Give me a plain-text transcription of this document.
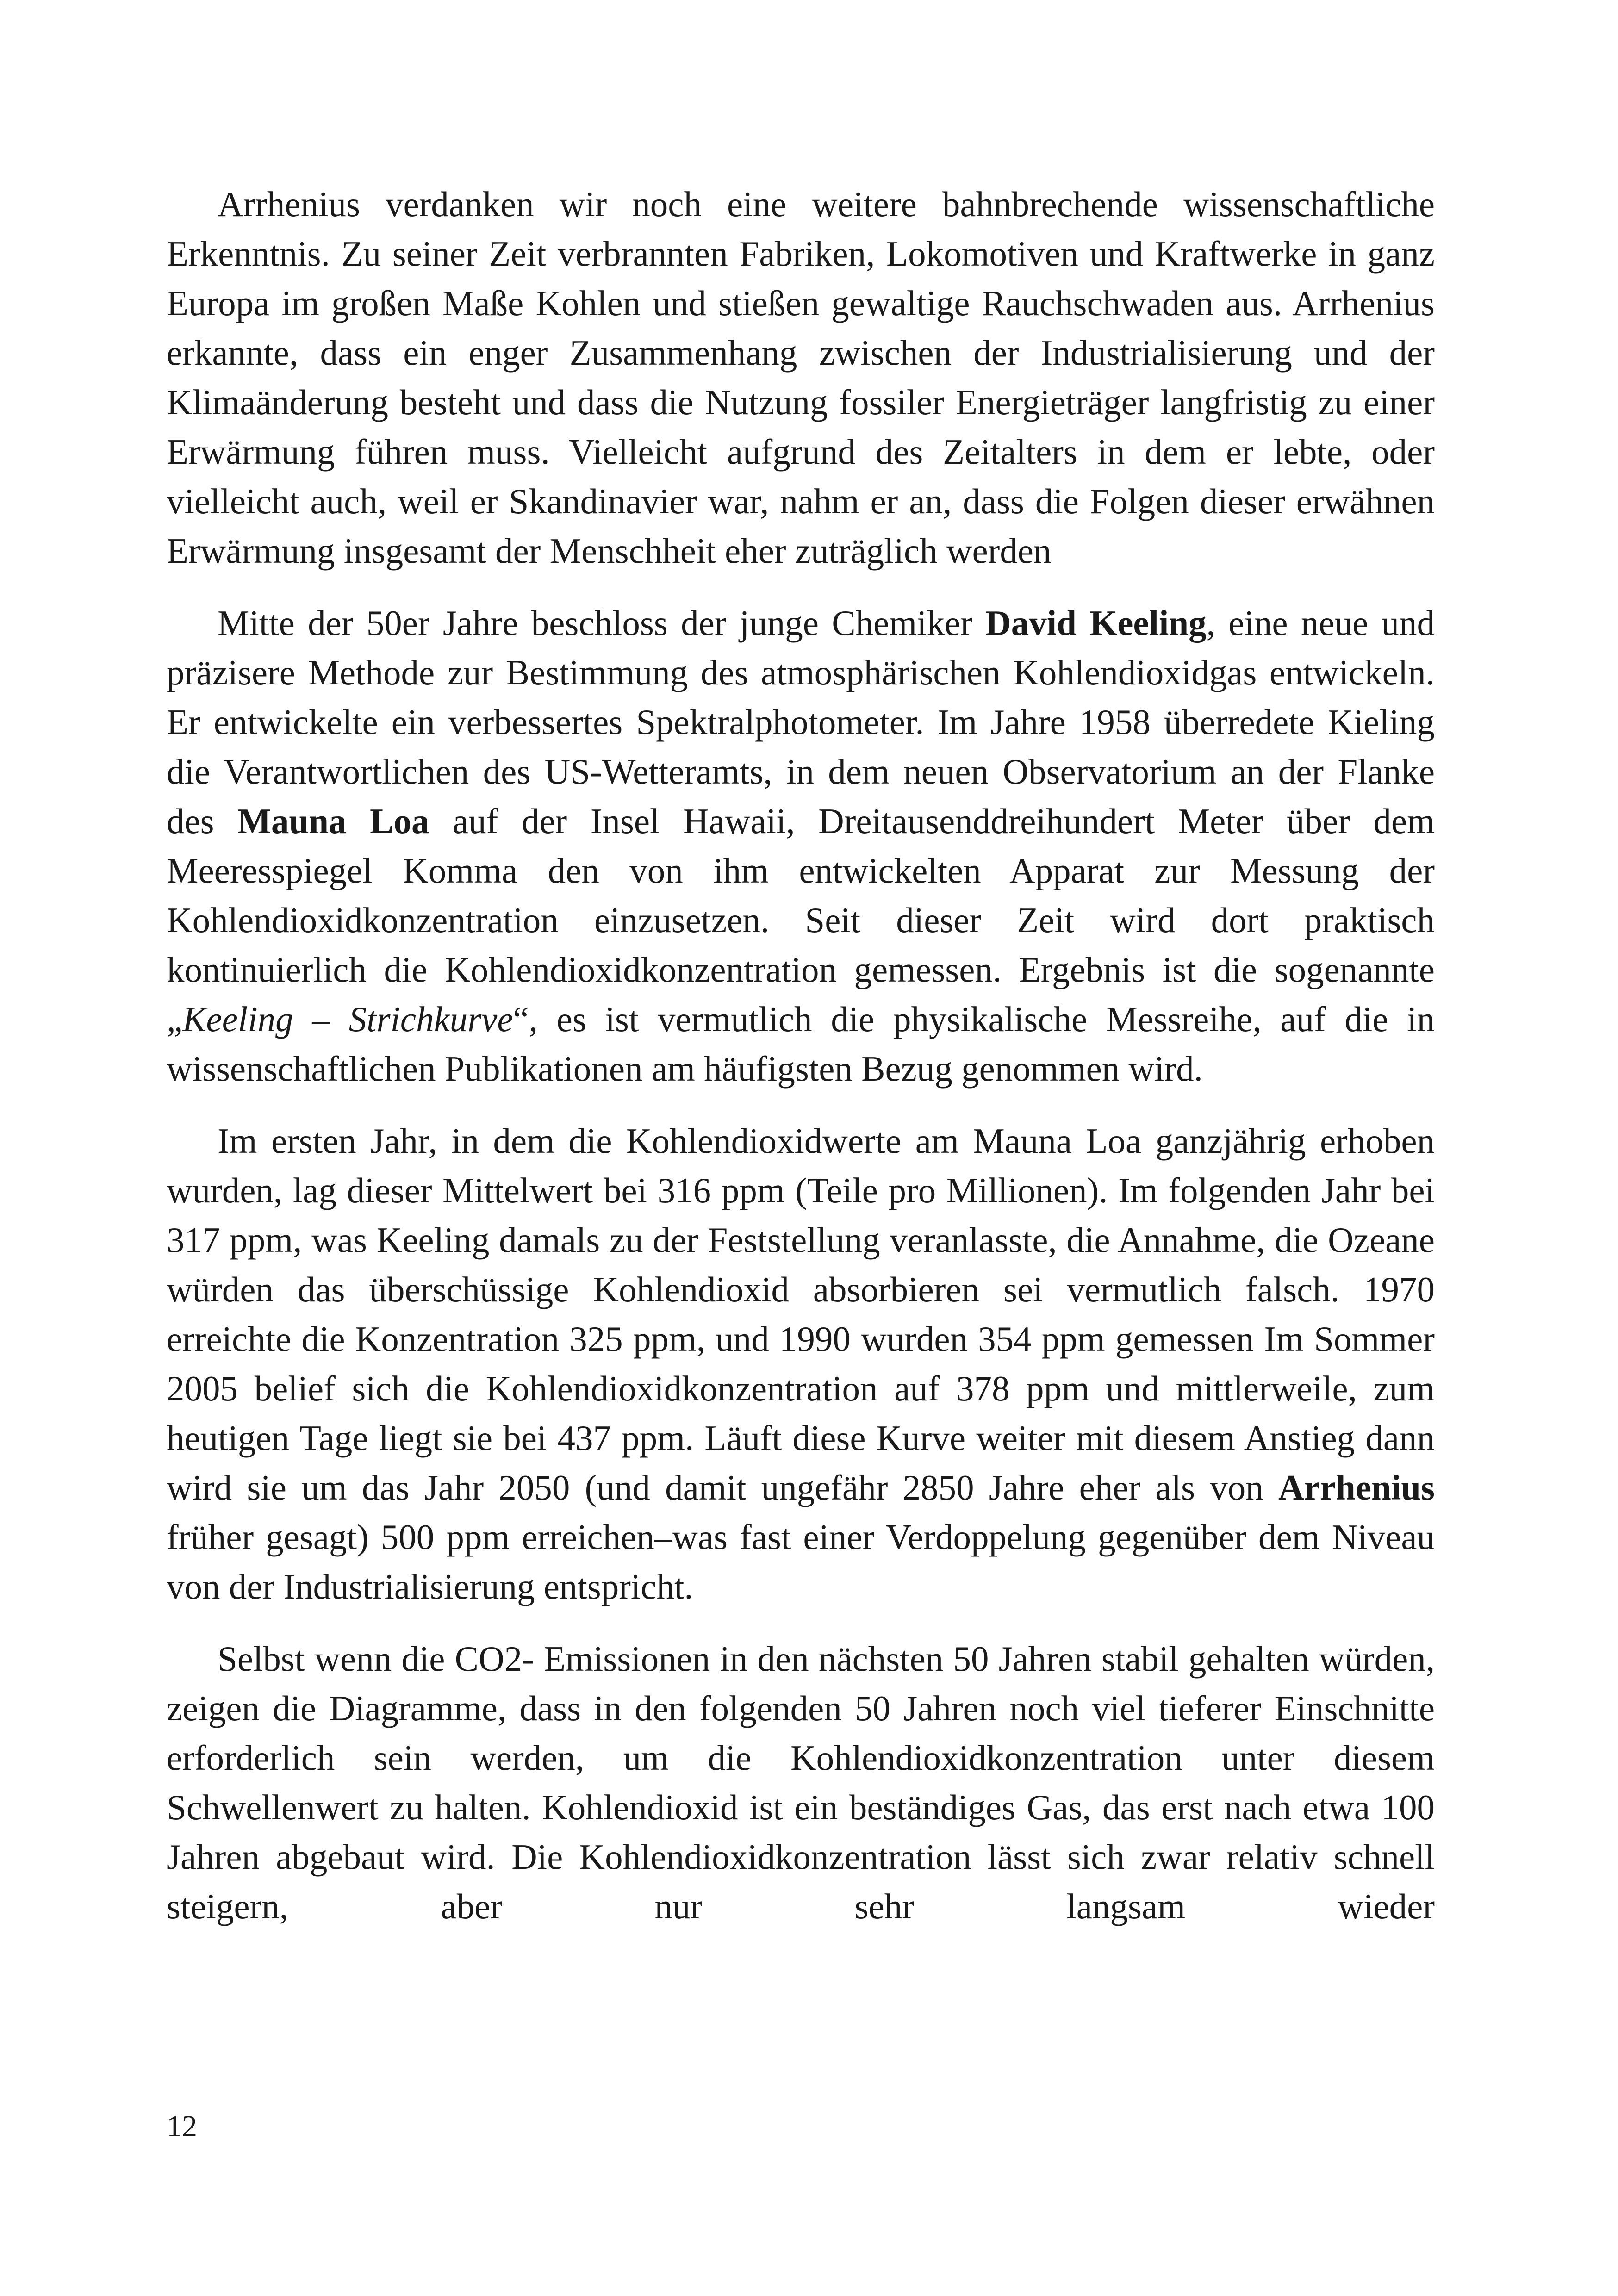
Arrhenius verdanken wir noch eine weitere bahnbrechende wissenschaftliche Erkenntnis. Zu seiner Zeit verbrannten Fabriken, Lokomotiven und Kraftwerke in ganz Europa im großen Maße Kohlen und stießen gewaltige Rauchschwaden aus. Arrhenius erkannte, dass ein enger Zusammenhang zwischen der Industrialisierung und der Klimaänderung besteht und dass die Nutzung fossiler Energieträger langfristig zu einer Erwärmung führen muss. Vielleicht aufgrund des Zeitalters in dem er lebte, oder vielleicht auch, weil er Skandinavier war, nahm er an, dass die Folgen dieser erwähnen Erwärmung insgesamt der Menschheit eher zuträglich werden

Mitte der 50er Jahre beschloss der junge Chemiker David Keeling, eine neue und präzisere Methode zur Bestimmung des atmosphärischen Kohlendioxidgas entwickeln. Er entwickelte ein verbessertes Spektralphotometer. Im Jahre 1958 überredete Kieling die Verantwortlichen des US-Wetteramts, in dem neuen Observatorium an der Flanke des Mauna Loa auf der Insel Hawaii, Dreitausenddreihundert Meter über dem Meeresspiegel Komma den von ihm entwickelten Apparat zur Messung der Kohlendioxidkonzentration einzusetzen. Seit dieser Zeit wird dort praktisch kontinuierlich die Kohlendioxidkonzentration gemessen. Ergebnis ist die sogenannte „Keeling – Strichkurve“, es ist vermutlich die physikalische Messreihe, auf die in wissenschaftlichen Publikationen am häufigsten Bezug genommen wird.

Im ersten Jahr, in dem die Kohlendioxidwerte am Mauna Loa ganzjährig erhoben wurden, lag dieser Mittelwert bei 316 ppm (Teile pro Millionen). Im folgenden Jahr bei 317 ppm, was Keeling damals zu der Feststellung veranlasste, die Annahme, die Ozeane würden das überschüssige Kohlendioxid absorbieren sei vermutlich falsch. 1970 erreichte die Konzentration 325 ppm, und 1990 wurden 354 ppm gemessen Im Sommer 2005 belief sich die Kohlendioxidkonzentration auf 378 ppm und mittlerweile, zum heutigen Tage liegt sie bei 437 ppm. Läuft diese Kurve weiter mit diesem Anstieg dann wird sie um das Jahr 2050 (und damit ungefähr 2850 Jahre eher als von Arrhenius früher gesagt) 500 ppm erreichen–was fast einer Verdoppelung gegenüber dem Niveau von der Industrialisierung entspricht.

Selbst wenn die CO2- Emissionen in den nächsten 50 Jahren stabil gehalten würden, zeigen die Diagramme, dass in den folgenden 50 Jahren noch viel tieferer Einschnitte erforderlich sein werden, um die Kohlendioxidkonzentration unter diesem Schwellenwert zu halten. Kohlendioxid ist ein beständiges Gas, das erst nach etwa 100 Jahren abgebaut wird. Die Kohlendioxidkonzentration lässt sich zwar relativ schnell steigern, aber nur sehr langsam wieder

12
